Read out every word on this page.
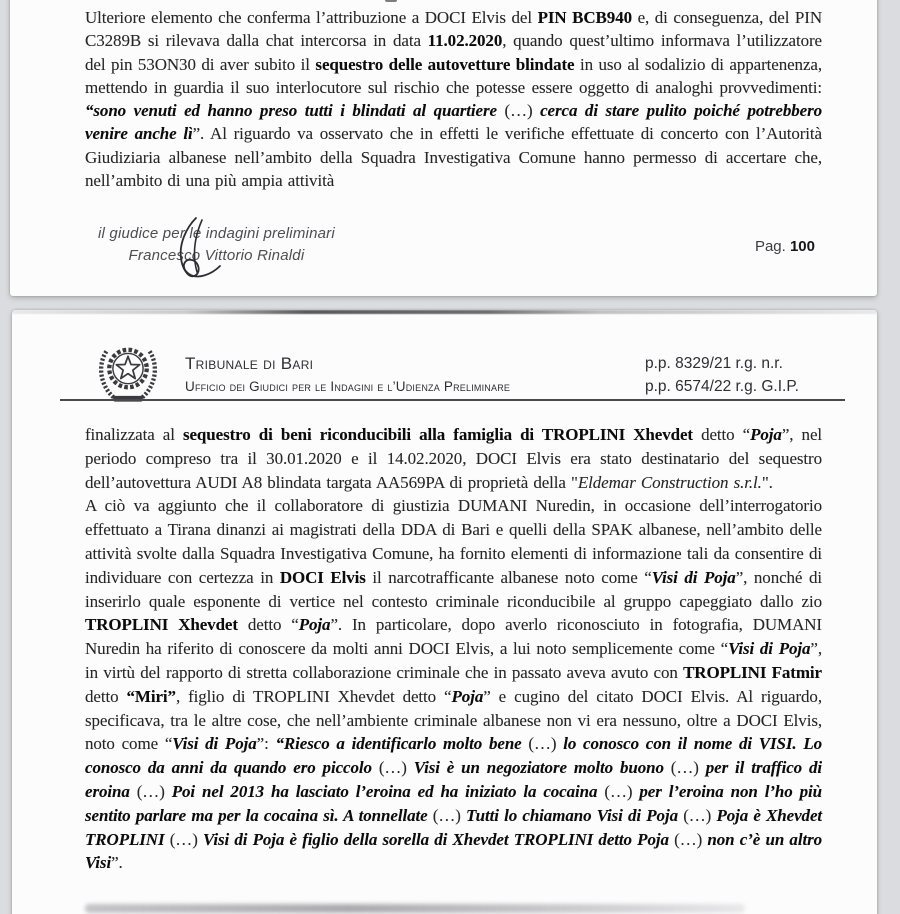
Ulteriore elemento che conferma l’attribuzione a DOCI Elvis del PIN BCB940 e, di conseguenza, del PIN C3289B si rilevava dalla chat intercorsa in data 11.02.2020, quando quest’ultimo informava l’utilizzatore del pin 53ON30 di aver subito il sequestro delle autovetture blindate in uso al sodalizio di appartenenza, mettendo in guardia il suo interlocutore sul rischio che potesse essere oggetto di analoghi provvedimenti: “sono venuti ed hanno preso tutti i blindati al quartiere (…) cerca di stare pulito poiché potrebbero venire anche lì”. Al riguardo va osservato che in effetti le verifiche effettuate di concerto con l’Autorità Giudiziaria albanese nell’ambito della Squadra Investigativa Comune hanno permesso di accertare che, nell’ambito di una più ampia attività
il giudice per le indagini preliminari
Francesco Vittorio Rinaldi
Pag. 100
Tribunale di Bari
Ufficio dei Giudici per le Indagini e l’Udienza Preliminare
p.p. 8329/21 r.g. n.r.
p.p. 6574/22 r.g. G.I.P.
finalizzata al sequestro di beni riconducibili alla famiglia di TROPLINI Xhevdet detto “Poja”, nel periodo compreso tra il 30.01.2020 e il 14.02.2020, DOCI Elvis era stato destinatario del sequestro dell’autovettura AUDI A8 blindata targata AA569PA di proprietà della "Eldemar Construction s.r.l.".
A ciò va aggiunto che il collaboratore di giustizia DUMANI Nuredin, in occasione dell’interrogatorio effettuato a Tirana dinanzi ai magistrati della DDA di Bari e quelli della SPAK albanese, nell’ambito delle attività svolte dalla Squadra Investigativa Comune, ha fornito elementi di informazione tali da consentire di individuare con certezza in DOCI Elvis il narcotrafficante albanese noto come “Visi di Poja”, nonché di inserirlo quale esponente di vertice nel contesto criminale riconducibile al gruppo capeggiato dallo zio TROPLINI Xhevdet detto “Poja”. In particolare, dopo averlo riconosciuto in fotografia, DUMANI Nuredin ha riferito di conoscere da molti anni DOCI Elvis, a lui noto semplicemente come “Visi di Poja”, in virtù del rapporto di stretta collaborazione criminale che in passato aveva avuto con TROPLINI Fatmir detto “Miri”, figlio di TROPLINI Xhevdet detto “Poja” e cugino del citato DOCI Elvis. Al riguardo, specificava, tra le altre cose, che nell’ambiente criminale albanese non vi era nessuno, oltre a DOCI Elvis, noto come “Visi di Poja”: “Riesco a identificarlo molto bene (…) lo conosco con il nome di VISI. Lo conosco da anni da quando ero piccolo (…) Visi è un negoziatore molto buono (…) per il traffico di eroina (…) Poi nel 2013 ha lasciato l’eroina ed ha iniziato la cocaina (…) per l’eroina non l’ho più sentito parlare ma per la cocaina sì. A tonnellate (…) Tutti lo chiamano Visi di Poja (…) Poja è Xhevdet TROPLINI (…) Visi di Poja è figlio della sorella di Xhevdet TROPLINI detto Poja (…) non c’è un altro Visi”.
